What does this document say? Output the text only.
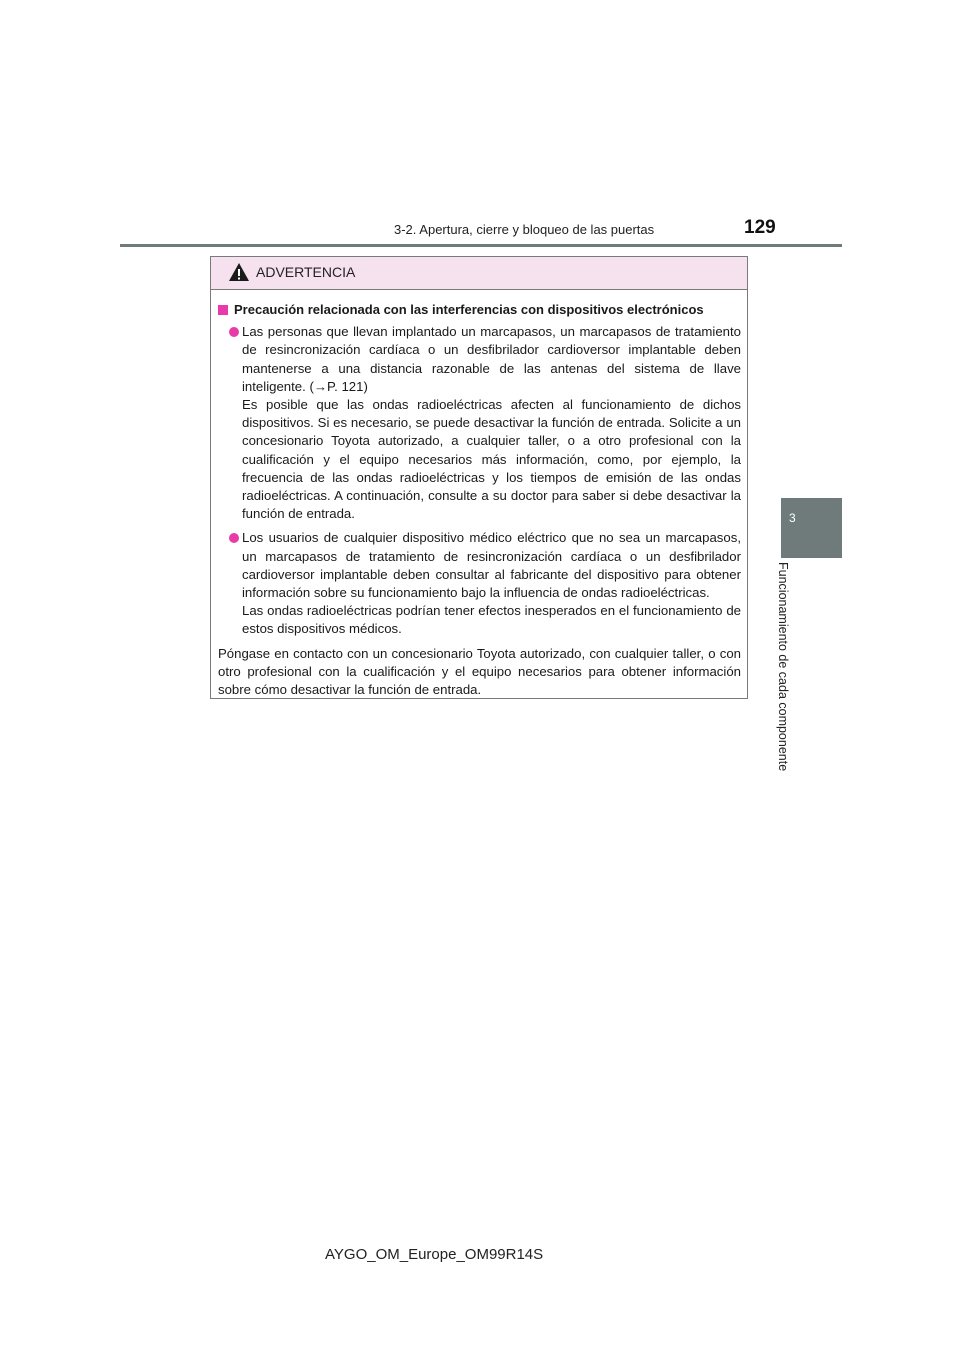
3-2. Apertura, cierre y bloqueo de las puertas	129
3
Funcionamiento de cada componente
ADVERTENCIA
Precaución relacionada con las interferencias con dispositivos electrónicos

Las personas que llevan implantado un marcapasos, un marcapasos de tratamiento de resincronización cardíaca o un desfibrilador cardioversor implantable deben mantenerse a una distancia razonable de las antenas del sistema de llave inteligente. (→P. 121)

Es posible que las ondas radioeléctricas afecten al funcionamiento de dichos dispositivos. Si es necesario, se puede desactivar la función de entrada. Solicite a un concesionario Toyota autorizado, a cualquier taller, o a otro profesional con la cualificación y el equipo necesarios más información, como, por ejemplo, la frecuencia de las ondas radioeléctricas y los tiempos de emisión de las ondas radioeléctricas. A continuación, consulte a su doctor para saber si debe desactivar la función de entrada.

Los usuarios de cualquier dispositivo médico eléctrico que no sea un marcapasos, un marcapasos de tratamiento de resincronización cardíaca o un desfibrilador cardioversor implantable deben consultar al fabricante del dispositivo para obtener información sobre su funcionamiento bajo la influencia de ondas radioeléctricas.

Las ondas radioeléctricas podrían tener efectos inesperados en el funcionamiento de estos dispositivos médicos.

Póngase en contacto con un concesionario Toyota autorizado, con cualquier taller, o con otro profesional con la cualificación y el equipo necesarios para obtener información sobre cómo desactivar la función de entrada.

AYGO_OM_Europe_OM99R14S
